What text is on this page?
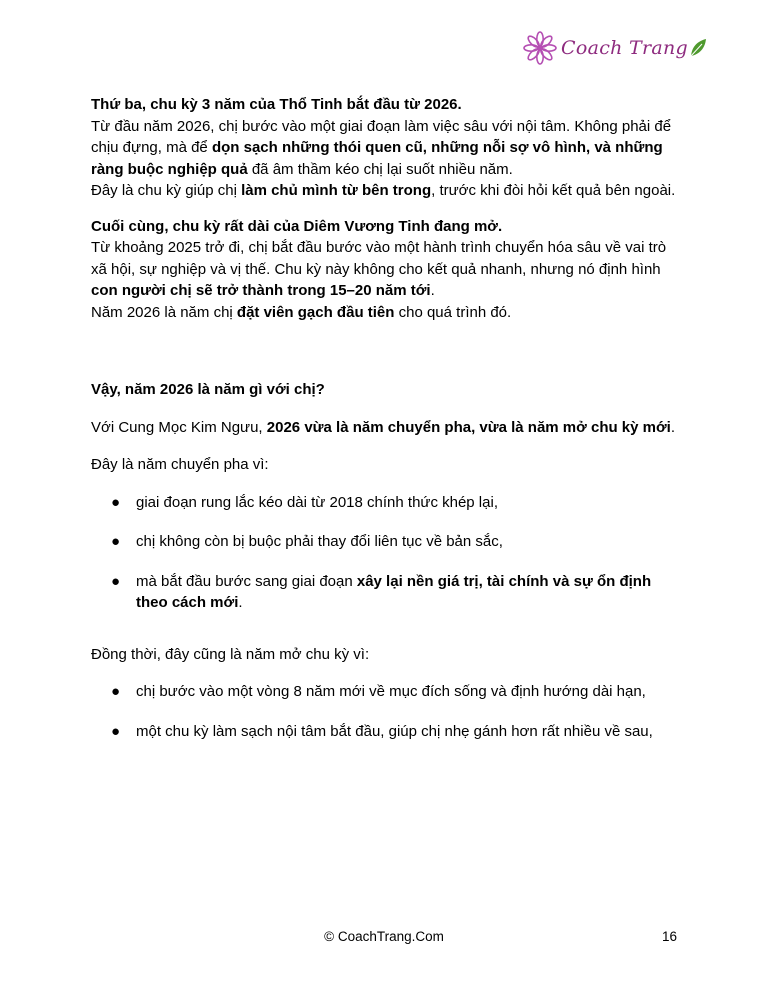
Coach Trang

Thứ ba, chu kỳ 3 năm của Thổ Tinh bắt đầu từ 2026.

Từ đầu năm 2026, chị bước vào một giai đoạn làm việc sâu với nội tâm. Không phải để chịu đựng, mà để dọn sạch những thói quen cũ, những nỗi sợ vô hình, và những ràng buộc nghiệp quả đã âm thầm kéo chị lại suốt nhiều năm.

Đây là chu kỳ giúp chị làm chủ mình từ bên trong, trước khi đòi hỏi kết quả bên ngoài.

Cuối cùng, chu kỳ rất dài của Diêm Vương Tinh đang mở.

Từ khoảng 2025 trở đi, chị bắt đầu bước vào một hành trình chuyển hóa sâu về vai trò xã hội, sự nghiệp và vị thế. Chu kỳ này không cho kết quả nhanh, nhưng nó định hình con người chị sẽ trở thành trong 15–20 năm tới.

Năm 2026 là năm chị đặt viên gạch đầu tiên cho quá trình đó.

Vậy, năm 2026 là năm gì với chị?

Với Cung Mọc Kim Ngưu, 2026 vừa là năm chuyển pha, vừa là năm mở chu kỳ mới.

Đây là năm chuyển pha vì:

● giai đoạn rung lắc kéo dài từ 2018 chính thức khép lại,
● chị không còn bị buộc phải thay đổi liên tục về bản sắc,
● mà bắt đầu bước sang giai đoạn xây lại nền giá trị, tài chính và sự ổn định theo cách mới.

Đồng thời, đây cũng là năm mở chu kỳ vì:

● chị bước vào một vòng 8 năm mới về mục đích sống và định hướng dài hạn,
● một chu kỳ làm sạch nội tâm bắt đầu, giúp chị nhẹ gánh hơn rất nhiều về sau,
© CoachTrang.Com	16
